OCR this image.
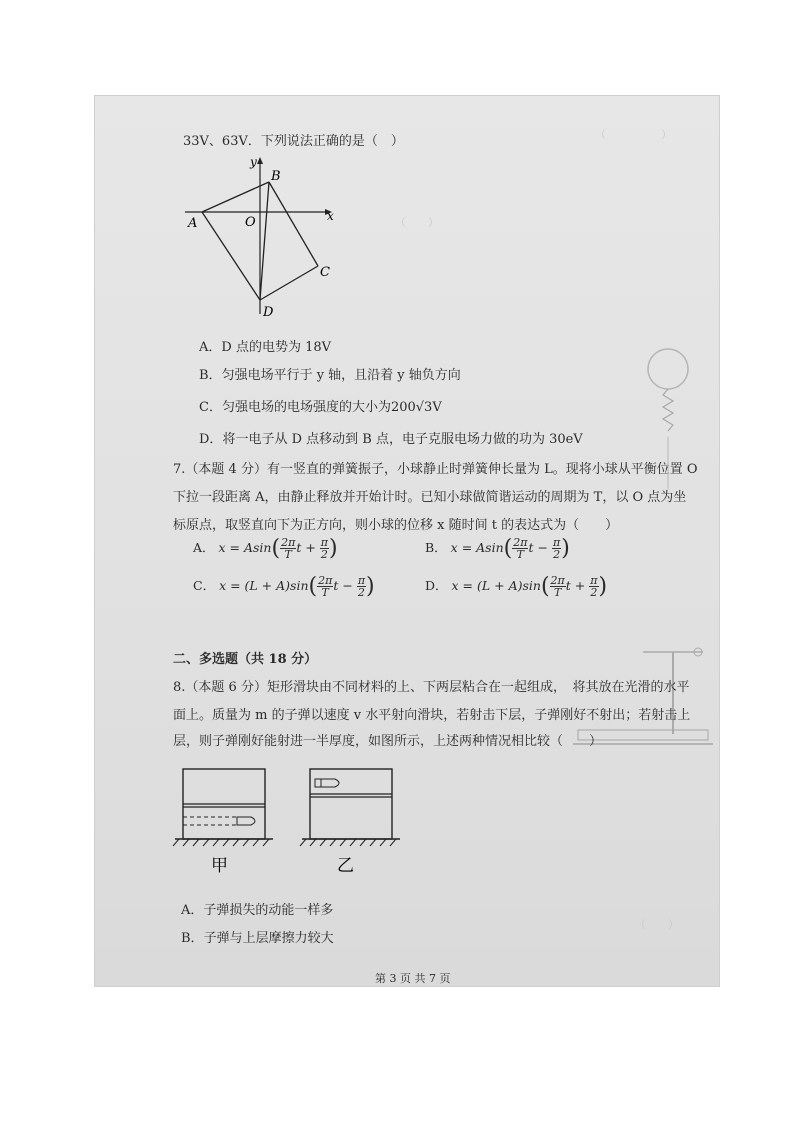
（　　　　　）
（　　）　　　　　　　　　　　　　　
（　　）
33V、63V．下列说法正确的是（　）
y
x
A
B
O
C
D
A．D 点的电势为 18V
B．匀强电场平行于 y 轴，且沿着 y 轴负方向
C．匀强电场的电场强度的大小为200√3V
D．将一电子从 D 点移动到 B 点，电子克服电场力做的功为 30eV
7.（本题 4 分）有一竖直的弹簧振子，小球静止时弹簧伸长量为 L。现将小球从平衡位置 O
下拉一段距离 A，由静止释放并开始计时。已知小球做简谐运动的周期为 T，以 O 点为坐
标原点，取竖直向下为正方向，则小球的位移 x 随时间 t 的表达式为（　　）
A． $x = Asin( \frac{2\pi}{T}$ $t + \frac{\pi}{2}$ )	B． $x = Asin( \frac{2\pi}{T}$ $t - \frac{\pi}{2}$ )
C． $x = (L + A)\sin( \frac{2\pi}{T}$ $t - \frac{\pi}{2}$ )	D． $x = (L + A)\sin( \frac{2\pi}{T}$ $t + \frac{\pi}{2}$ )
二、多选题（共 18 分）
8.（本题 6 分）矩形滑块由不同材料的上、下两层粘合在一起组成，　将其放在光滑的水平
面上。质量为 m 的子弹以速度 v 水平射向滑块，若射击下层，子弹刚好不射出；若射击上
层，则子弹刚好能射进一半厚度，如图所示，上述两种情况相比较（　　）
甲	乙
A．子弹损失的动能一样多
B．子弹与上层摩擦力较大
第 3 页 共 7 页
